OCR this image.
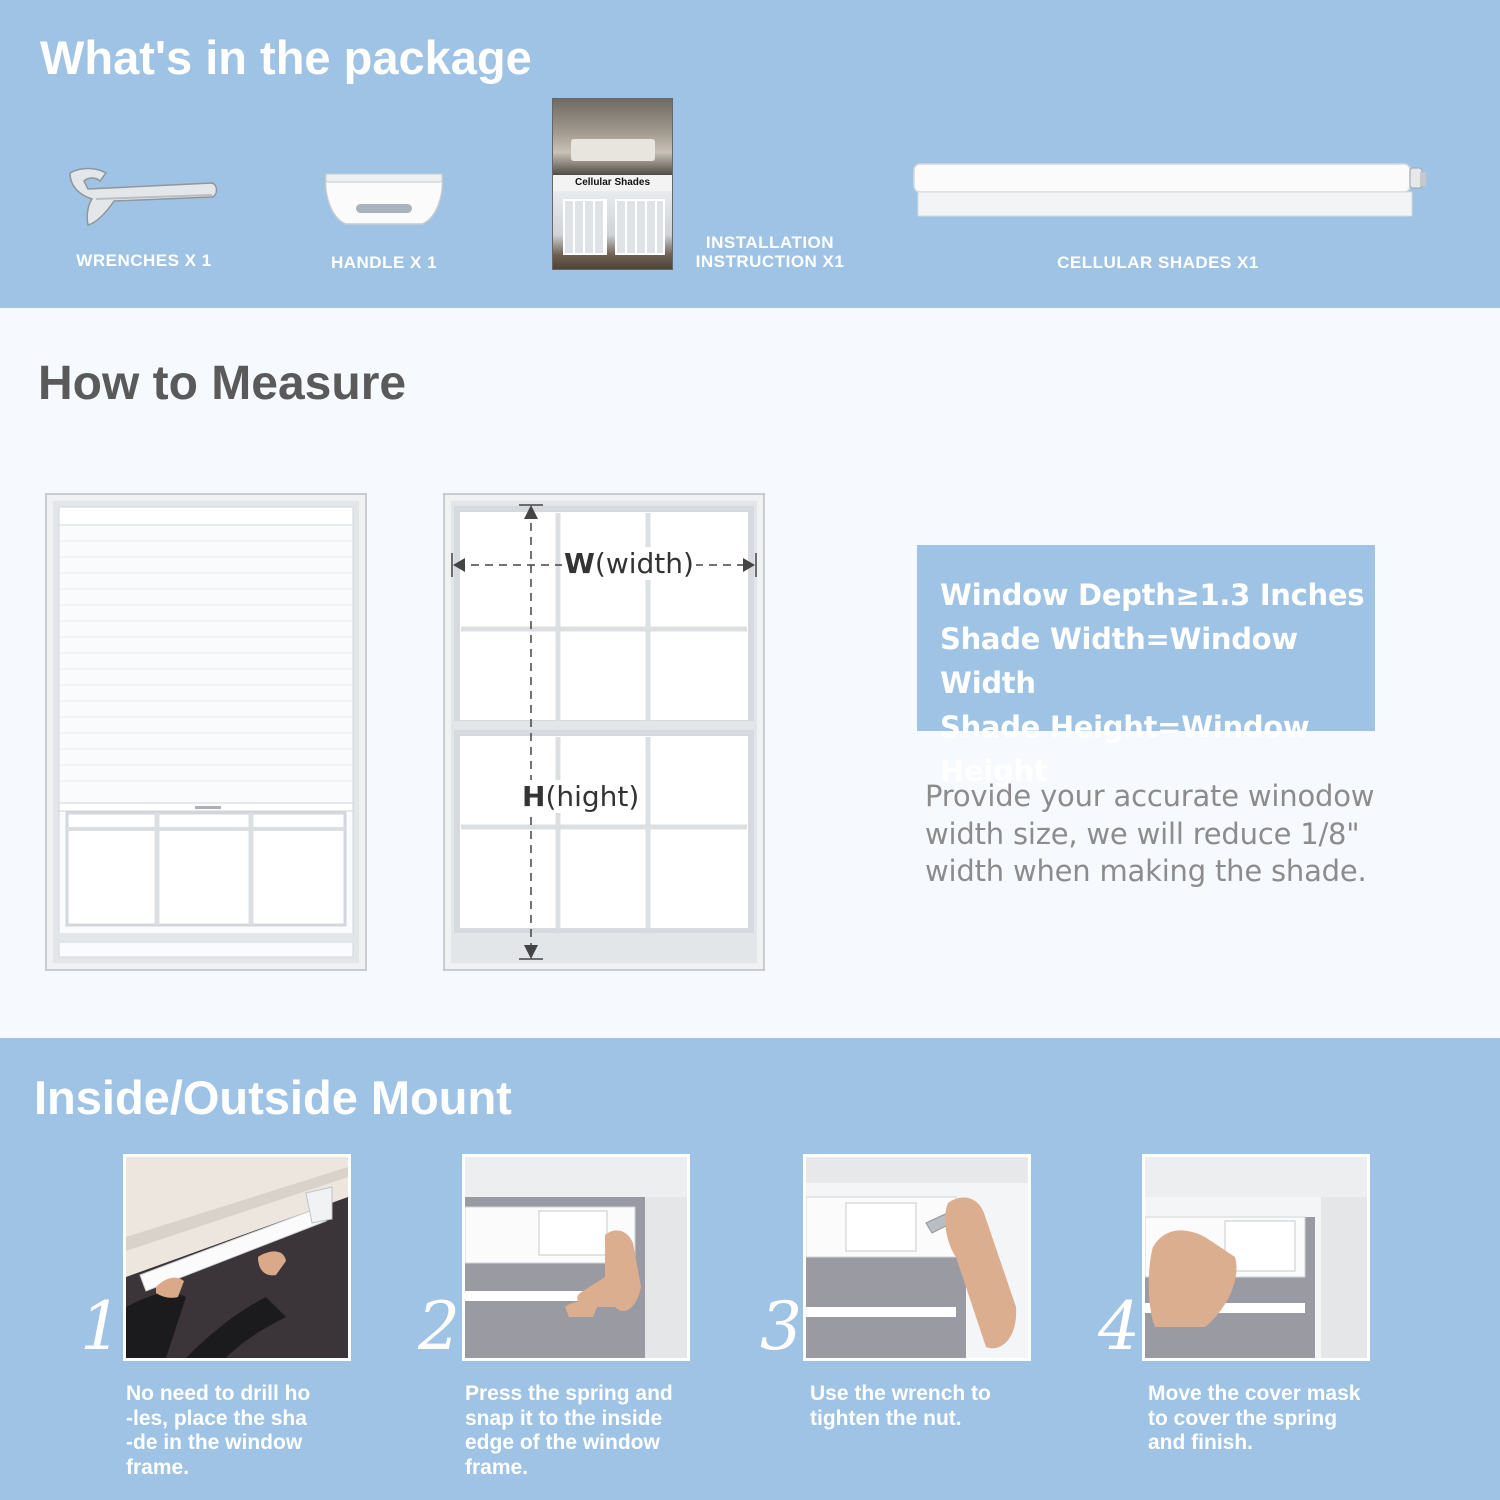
What's in the package
WRENCHES X 1	HANDLE X 1
Cellular Shades
INSTALLATION
INSTRUCTION X1	CELLULAR SHADES X1
How to Measure
W(width)
H(hight)
Window Depth≥1.3 Inches
Shade Width=Window Width
Shade Height=Window Height
Provide your accurate winodow width size, we will reduce 1/8" width when making the shade.
Inside/Outside Mount
1
No need to drill ho
-les, place the sha
-de in the window
frame.
2
Press the spring and
snap it to the inside
edge of the window
frame.
3
Use the wrench to
tighten the nut.
4
Move the cover mask
to cover the spring
and finish.
